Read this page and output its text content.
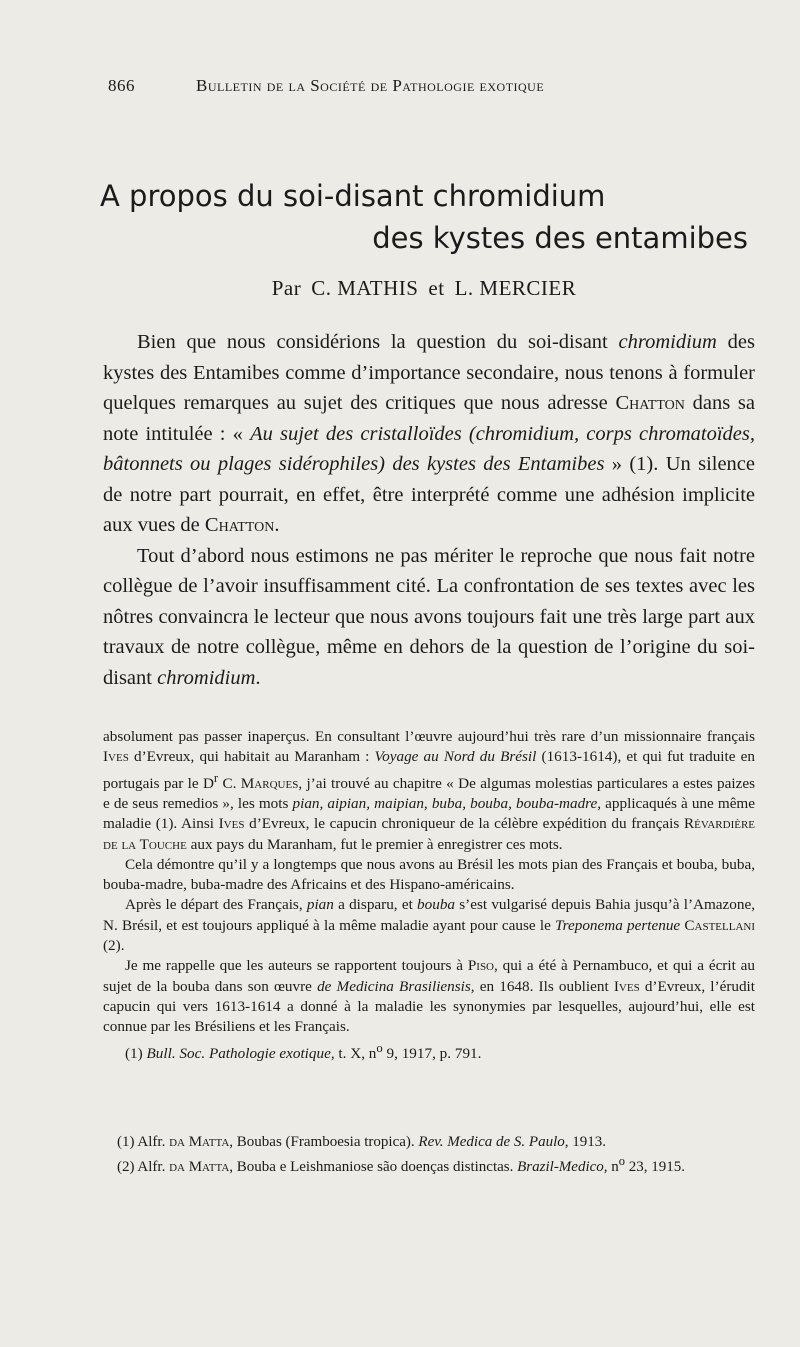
866	Bulletin de la Société de Pathologie exotique
A propos du soi-disant chromidium
des kystes des entamibes
Par C. MATHIS et L. MERCIER

Bien que nous considérions la question du soi-disant chromidium des kystes des Entamibes comme d’importance secondaire, nous tenons à formuler quelques remarques au sujet des critiques que nous adresse Chatton dans sa note intitulée : « Au sujet des cristalloïdes (chromidium, corps chromatoïdes, bâtonnets ou plages sidérophiles) des kystes des Entamibes » (1). Un silence de notre part pourrait, en effet, être interprété comme une adhésion implicite aux vues de Chatton.

Tout d’abord nous estimons ne pas mériter le reproche que nous fait notre collègue de l’avoir insuffisamment cité. La confrontation de ses textes avec les nôtres convaincra le lecteur que nous avons toujours fait une très large part aux travaux de notre collègue, même en dehors de la question de l’origine du soi-disant chromidium.

absolument pas passer inaperçus. En consultant l’œuvre aujourd’hui très rare d’un missionnaire français Ives d’Evreux, qui habitait au Maranham : Voyage au Nord du Brésil (1613-1614), et qui fut traduite en portugais par le $D^r$ C. Marques, j’ai trouvé au chapitre « De algumas molestias particulares a estes paizes e de seus remedios », les mots pian, aipian, maipian, buba, bouba, bouba-madre, applicaqués à une même maladie (1). Ainsi Ives d’Evreux, le capucin chroniqueur de la célèbre expédition du français Révardière de la Touche aux pays du Maranham, fut le premier à enregistrer ces mots.

Cela démontre qu’il y a longtemps que nous avons au Brésil les mots pian des Français et bouba, buba, bouba-madre, buba-madre des Africains et des Hispano-américains.

Après le départ des Français, pian a disparu, et bouba s’est vulgarisé depuis Bahia jusqu’à l’Amazone, N. Brésil, et est toujours appliqué à la même maladie ayant pour cause le Treponema pertenue Castellani (2).

Je me rappelle que les auteurs se rapportent toujours à Piso, qui a été à Pernambuco, et qui a écrit au sujet de la bouba dans son œuvre de Medicina Brasiliensis, en 1648. Ils oublient Ives d’Evreux, l’érudit capucin qui vers 1613-1614 a donné à la maladie les synonymies par lesquelles, aujourd’hui, elle est connue par les Brésiliens et les Français.

(1) Bull. Soc. Pathologie exotique, t. X, $n^o$ 9, 1917, p. 791.

(1) Alfr. da Matta, Boubas (Framboesia tropica). Rev. Medica de S. Paulo, 1913.

(2) Alfr. da Matta, Bouba e Leishmaniose são doenças distinctas. Brazil-Medico, $n^o$ 23, 1915.
